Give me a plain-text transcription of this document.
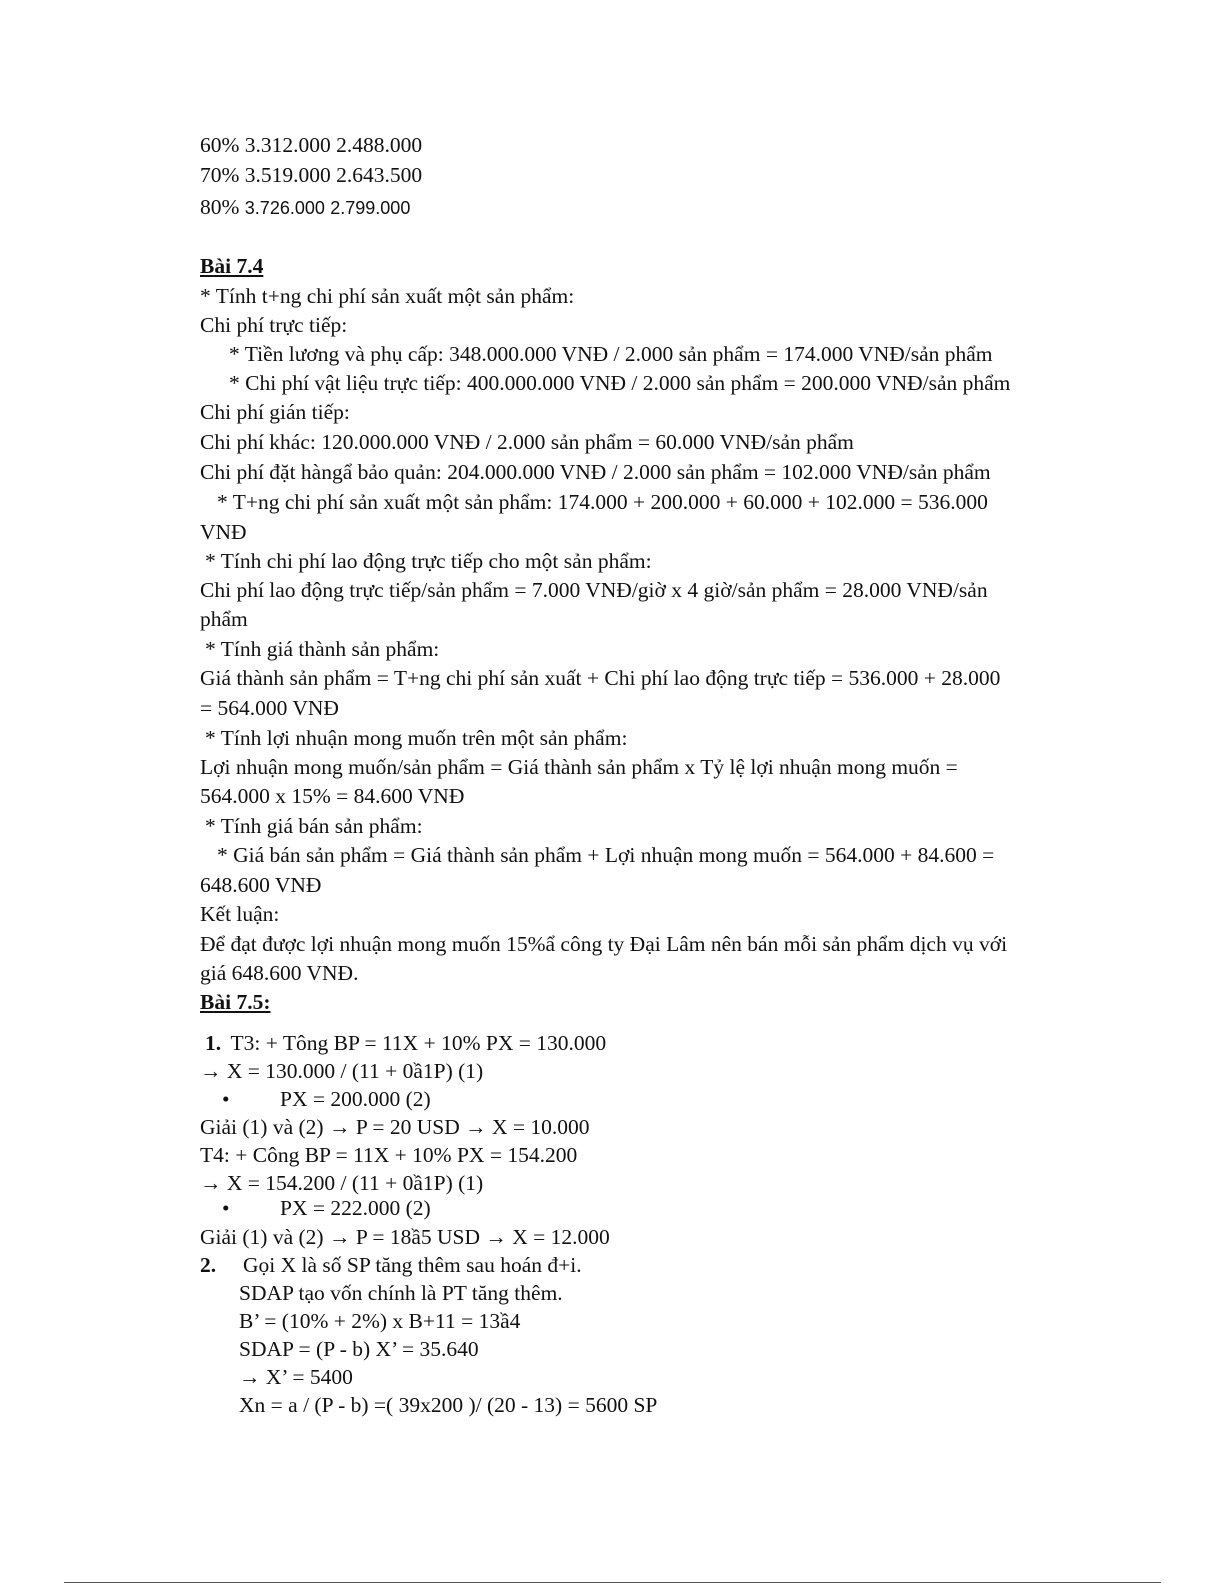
60% 3.312.000 2.488.000
70% 3.519.000 2.643.500
80% 3.726.000 2.799.000
Bài 7.4
* Tính t+ng chi phí sản xuất một sản phẩm:
Chi phí trực tiếp:
* Tiền lương và phụ cấp: 348.000.000 VNĐ / 2.000 sản phẩm = 174.000 VNĐ/sản phẩm
* Chi phí vật liệu trực tiếp: 400.000.000 VNĐ / 2.000 sản phẩm = 200.000 VNĐ/sản phẩm
Chi phí gián tiếp:
Chi phí khác: 120.000.000 VNĐ / 2.000 sản phẩm = 60.000 VNĐ/sản phẩm
Chi phí đặt hàngẩ bảo quản: 204.000.000 VNĐ / 2.000 sản phẩm = 102.000 VNĐ/sản phẩm
* T+ng chi phí sản xuất một sản phẩm: 174.000 + 200.000 + 60.000 + 102.000 = 536.000
VNĐ
* Tính chi phí lao động trực tiếp cho một sản phẩm:
Chi phí lao động trực tiếp/sản phẩm = 7.000 VNĐ/giờ x 4 giờ/sản phẩm = 28.000 VNĐ/sản
phẩm
* Tính giá thành sản phẩm:
Giá thành sản phẩm = T+ng chi phí sản xuất + Chi phí lao động trực tiếp = 536.000 + 28.000
= 564.000 VNĐ
* Tính lợi nhuận mong muốn trên một sản phẩm:
Lợi nhuận mong muốn/sản phẩm = Giá thành sản phẩm x Tỷ lệ lợi nhuận mong muốn =
564.000 x 15% = 84.600 VNĐ
* Tính giá bán sản phẩm:
* Giá bán sản phẩm = Giá thành sản phẩm + Lợi nhuận mong muốn = 564.000 + 84.600 =
648.600 VNĐ
Kết luận:
Để đạt được lợi nhuận mong muốn 15%ẩ công ty Đại Lâm nên bán mỗi sản phẩm dịch vụ với
giá 648.600 VNĐ.
Bài 7.5:
1. T3: + Tông BP = 11X + 10% PX = 130.000
→ X = 130.000 / (11 + 0ầ1P) (1)
• PX = 200.000 (2)
Giải (1) và (2) → P = 20 USD → X = 10.000
T4: + Công BP = 11X + 10% PX = 154.200
→ X = 154.200 / (11 + 0ầ1P) (1)
• PX = 222.000 (2)
Giải (1) và (2) → P = 18ầ5 USD → X = 12.000
2. Gọi X là số SP tăng thêm sau hoán đ+i.
SDAP tạo vốn chính là PT tăng thêm.
B’ = (10% + 2%) x B+11 = 13ầ4
SDAP = (P - b) X’ = 35.640
→ X’ = 5400
Xn = a / (P - b) =( 39x200 )/ (20 - 13) = 5600 SP
